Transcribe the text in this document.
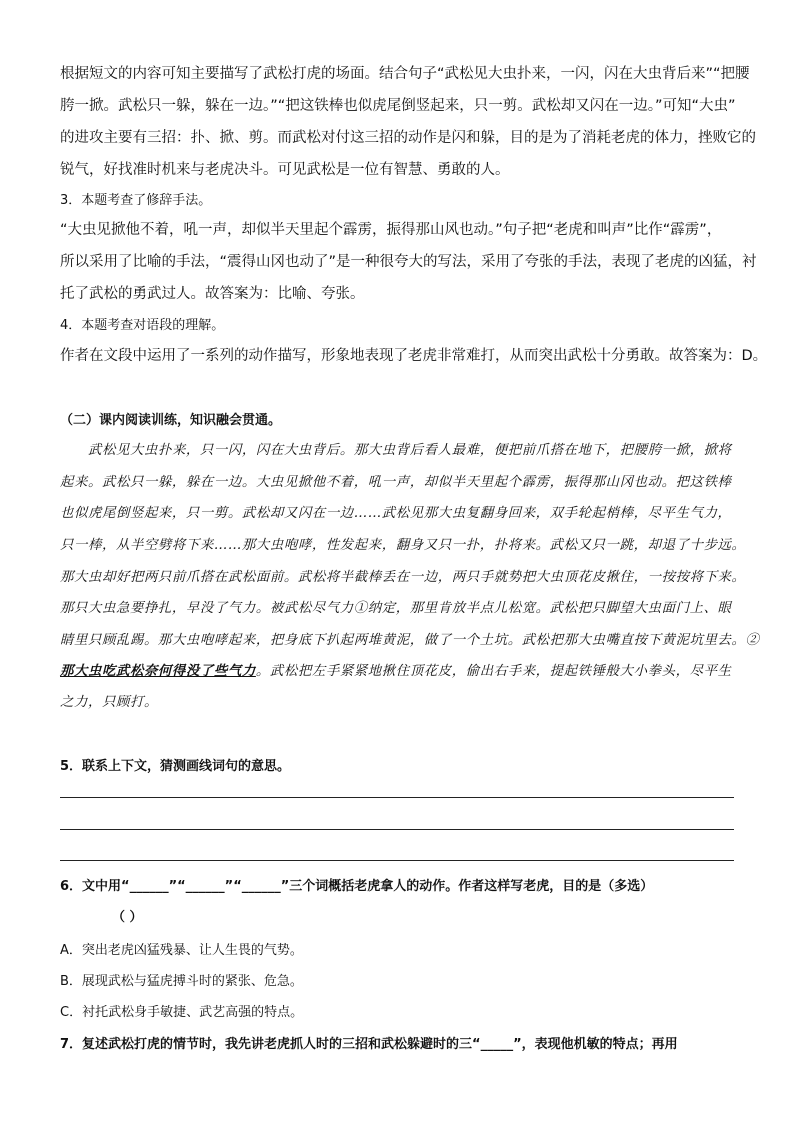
根据短文的内容可知主要描写了武松打虎的场面。结合句子“武松见大虫扑来，一闪，闪在大虫背后来”“把腰
胯一掀。武松只一躲，躲在一边。”“把这铁棒也似虎尾倒竖起来，只一剪。武松却又闪在一边。”可知“大虫”
的进攻主要有三招：扑、掀、剪。而武松对付这三招的动作是闪和躲，目的是为了消耗老虎的体力，挫败它的
锐气，好找准时机来与老虎决斗。可见武松是一位有智慧、勇敢的人。
3．本题考查了修辞手法。
“大虫见掀他不着，吼一声，却似半天里起个霹雳，振得那山风也动。”句子把“老虎和叫声”比作“霹雳”，
所以采用了比喻的手法，“震得山冈也动了”是一种很夸大的写法，采用了夸张的手法，表现了老虎的凶猛，衬
托了武松的勇武过人。故答案为：比喻、夸张。
4．本题考查对语段的理解。
作者在文段中运用了一系列的动作描写，形象地表现了老虎非常难打，从而突出武松十分勇敢。故答案为：D。
（二）课内阅读训练，知识融会贯通。
武松见大虫扑来，只一闪，闪在大虫背后。那大虫背后看人最难，便把前爪搭在地下，把腰胯一掀，掀将
起来。武松只一躲，躲在一边。大虫见掀他不着，吼一声，却似半天里起个霹雳，振得那山冈也动。把这铁棒
也似虎尾倒竖起来，只一剪。武松却又闪在一边……武松见那大虫复翻身回来，双手轮起梢棒，尽平生气力，
只一棒，从半空劈将下来……那大虫咆哮，性发起来，翻身又只一扑，扑将来。武松又只一跳，却退了十步远。
那大虫却好把两只前爪搭在武松面前。武松将半截棒丢在一边，两只手就势把大虫顶花皮揪住，一按按将下来。
那只大虫急要挣扎，早没了气力。被武松尽气力①纳定，那里肯放半点儿松宽。武松把只脚望大虫面门上、眼
睛里只顾乱踢。那大虫咆哮起来，把身底下扒起两堆黄泥，做了一个土坑。武松把那大虫嘴直按下黄泥坑里去。②
那大虫吃武松奈何得没了些气力。武松把左手紧紧地揪住顶花皮，偷出右手来，提起铁锤般大小拳头，尽平生
之力，只顾打。
5．联系上下文，猜测画线词句的意思。
6．文中用“______”“______”“______”三个词概括老虎拿人的动作。作者这样写老虎，目的是（多选）
（ ）
A．突出老虎凶猛残暴、让人生畏的气势。
B．展现武松与猛虎搏斗时的紧张、危急。
C．衬托武松身手敏捷、武艺高强的特点。
7．复述武松打虎的情节时，我先讲老虎抓人时的三招和武松躲避时的三“_____”，表现他机敏的特点；再用
